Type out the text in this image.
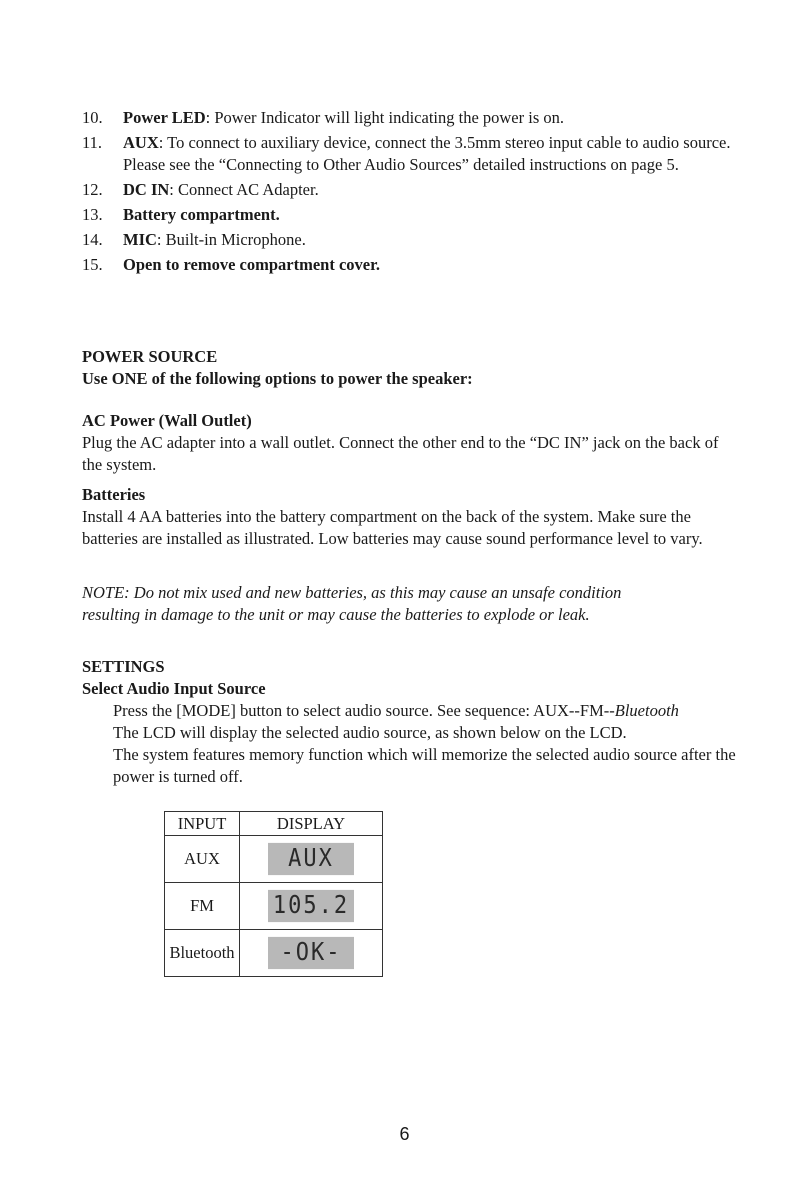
10.	Power LED: Power Indicator will light indicating the power is on.
11.	AUX: To connect to auxiliary device, connect the 3.5mm stereo input cable to audio source. Please see the “Connecting to Other Audio Sources” detailed instructions on page 5.
12.	DC IN: Connect AC Adapter.
13.	Battery compartment.
14.	MIC: Built-in Microphone.
15.	Open to remove compartment cover.

POWER SOURCE

Use ONE of the following options to power the speaker:

AC Power (Wall Outlet)

Plug the AC adapter into a wall outlet. Connect the other end to the “DC IN” jack on the back of the system.

Batteries

Install 4 AA batteries into the battery compartment on the back of the system. Make sure the batteries are installed as illustrated. Low batteries may cause sound performance level to vary.

NOTE: Do not mix used and new batteries, as this may cause an unsafe condition resulting in damage to the unit or may cause the batteries to explode or leak.

SETTINGS

Select Audio Input Source

Press the [MODE] button to select audio source. See sequence: AUX--FM--Bluetooth

The LCD will display the selected audio source, as shown below on the LCD.

The system features memory function which will memorize the selected audio source after the power is turned off.

INPUT	DISPLAY
AUX	AUX
FM	105.2
Bluetooth	-OK-
6
